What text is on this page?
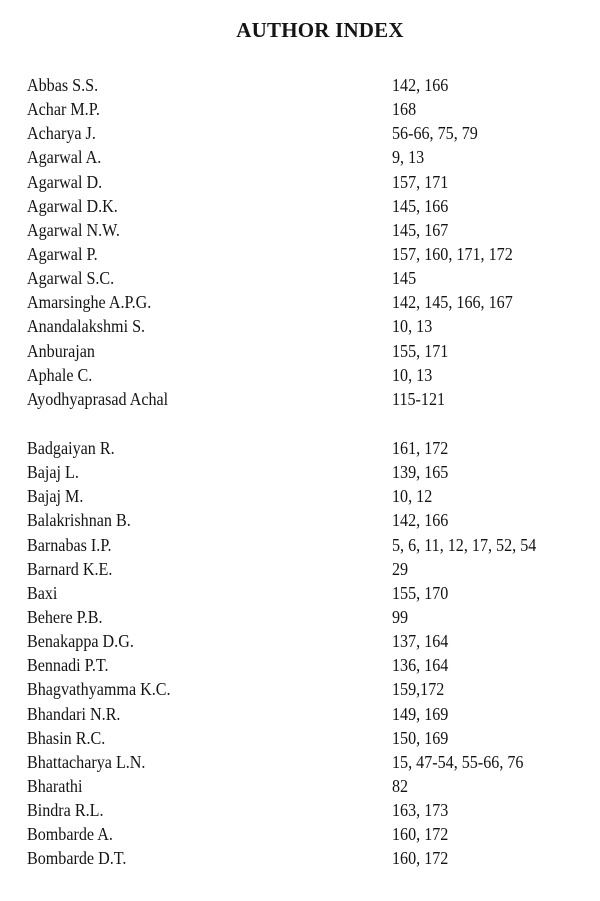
AUTHOR INDEX
Abbas S.S.	142, 166
Achar M.P.	168
Acharya J.	56-66, 75, 79
Agarwal A.	9, 13
Agarwal D.	157, 171
Agarwal D.K.	145, 166
Agarwal N.W.	145, 167
Agarwal P.	157, 160, 171, 172
Agarwal S.C.	145
Amarsinghe A.P.G.	142, 145, 166, 167
Anandalakshmi S.	10, 13
Anburajan	155, 171
Aphale C.	10, 13
Ayodhyaprasad Achal	115-121
Badgaiyan R.	161, 172
Bajaj L.	139, 165
Bajaj M.	10, 12
Balakrishnan B.	142, 166
Barnabas I.P.	5, 6, 11, 12, 17, 52, 54
Barnard K.E.	29
Baxi	155, 170
Behere P.B.	99
Benakappa D.G.	137, 164
Bennadi P.T.	136, 164
Bhagvathyamma K.C.	159,172
Bhandari N.R.	149, 169
Bhasin R.C.	150, 169
Bhattacharya L.N.	15, 47-54, 55-66, 76
Bharathi	82
Bindra R.L.	163, 173
Bombarde A.	160, 172
Bombarde D.T.	160, 172
